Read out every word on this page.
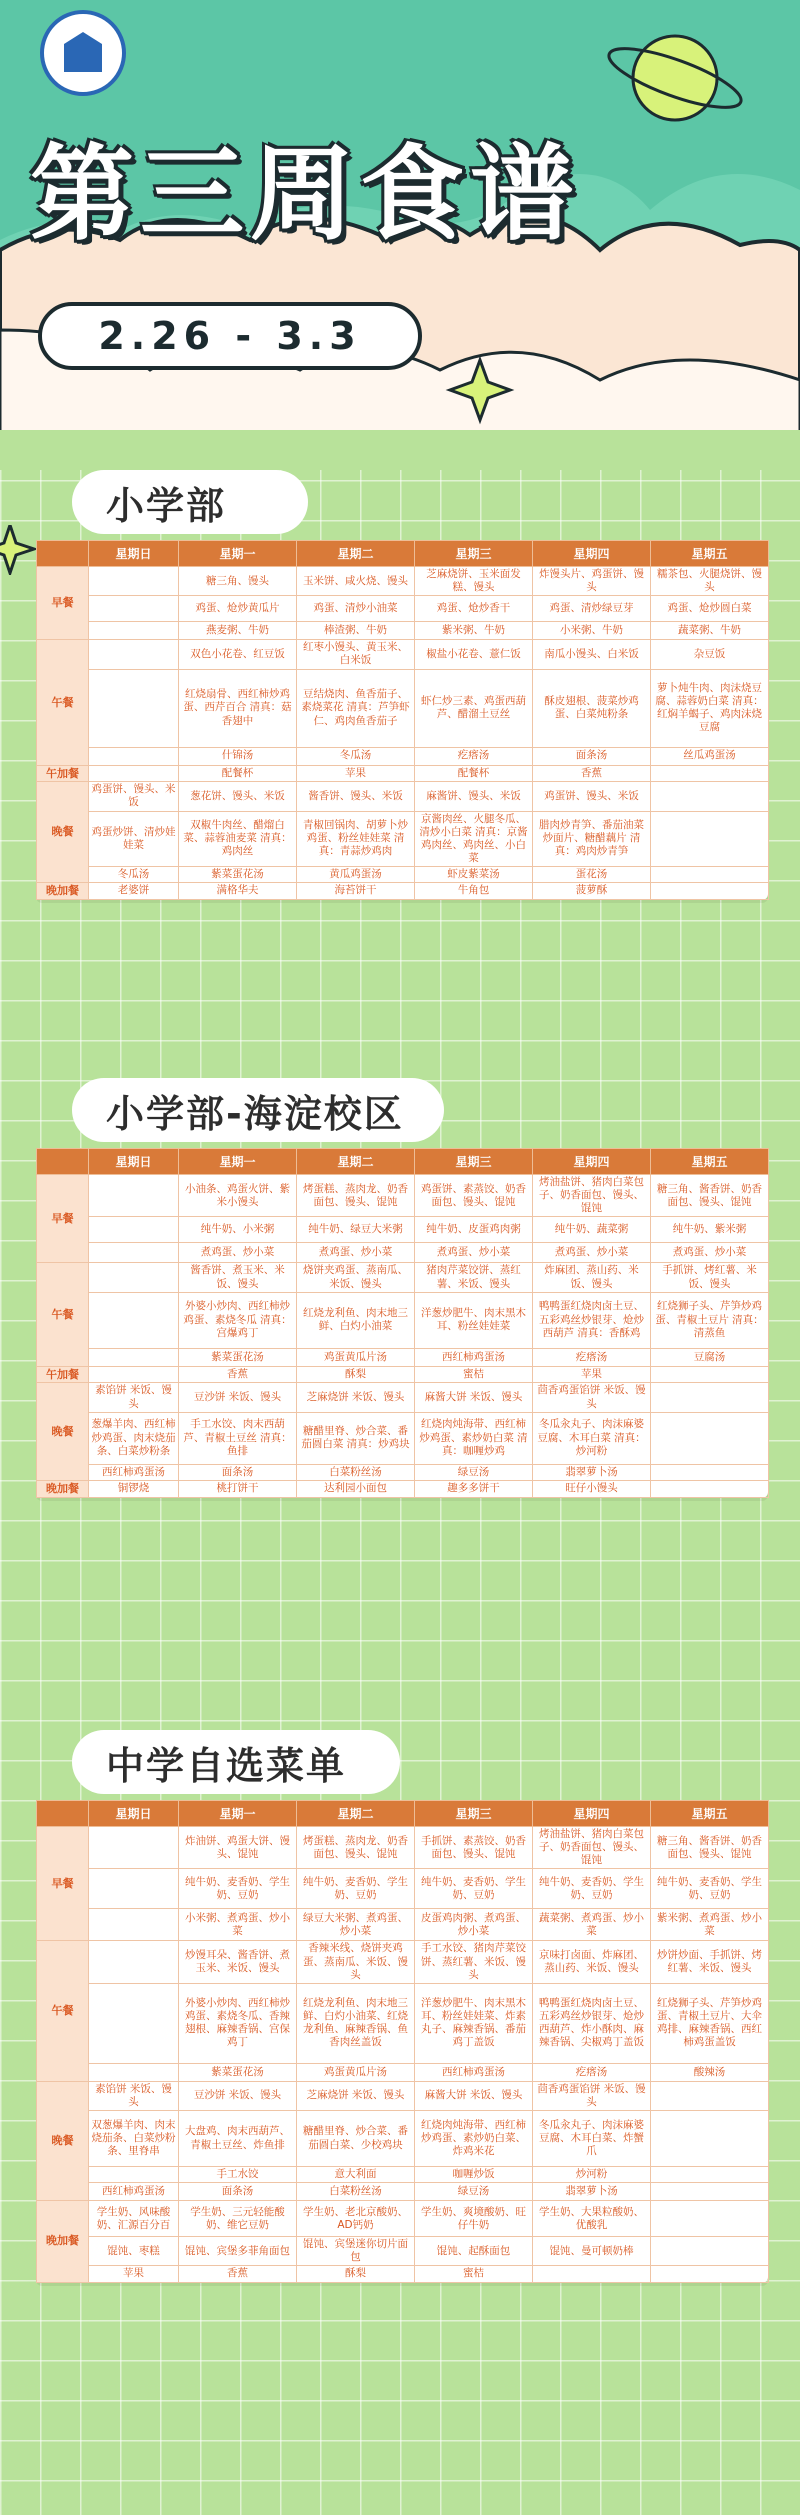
第三周食谱
2.26 - 3.3
小学部
	星期日	星期一	星期二	星期三	星期四	星期五
早餐		糖三角、馒头	玉米饼、咸火烧、馒头	芝麻烧饼、玉米面发糕、馒头	炸馒头片、鸡蛋饼、馒头	糯茶包、火腿烧饼、馒头
		鸡蛋、炝炒黄瓜片	鸡蛋、清炒小油菜	鸡蛋、炝炒香干	鸡蛋、清炒绿豆芽	鸡蛋、炝炒圆白菜
		燕麦粥、牛奶	棒渣粥、牛奶	紫米粥、牛奶	小米粥、牛奶	蔬菜粥、牛奶
午餐		双色小花卷、红豆饭	红枣小馒头、黄玉米、白米饭	椒盐小花卷、薏仁饭	南瓜小馒头、白米饭	杂豆饭
		红烧扇骨、西红柿炒鸡蛋、西芹百合 清真：菇香翅中	豆结烧肉、鱼香茄子、素烧菜花 清真：芦笋虾仁、鸡肉鱼香茄子	虾仁炒三素、鸡蛋西葫芦、醋溜土豆丝	酥皮翅根、菠菜炒鸡蛋、白菜炖粉条	萝卜炖牛肉、肉沫烧豆腐、蒜蓉奶白菜 清真：红焖羊蝎子、鸡肉沫烧豆腐
		什锦汤	冬瓜汤	疙瘩汤	面条汤	丝瓜鸡蛋汤
午加餐		配餐杯	苹果	配餐杯	香蕉	
晚餐	鸡蛋饼、馒头、米饭	葱花饼、馒头、米饭	酱香饼、馒头、米饭	麻酱饼、馒头、米饭	鸡蛋饼、馒头、米饭	
	鸡蛋炒饼、清炒娃娃菜	双椒牛肉丝、醋熘白菜、蒜蓉油麦菜 清真：鸡肉丝	青椒回锅肉、胡萝卜炒鸡蛋、粉丝娃娃菜 清真：青蒜炒鸡肉	京酱肉丝、火腿冬瓜、清炒小白菜 清真：京酱鸡肉丝、鸡肉丝、小白菜	腊肉炒青笋、番茄油菜炒面片、糖醋藕片 清真：鸡肉炒青笋	
	冬瓜汤	紫菜蛋花汤	黄瓜鸡蛋汤	虾皮紫菜汤	蛋花汤	
晚加餐	老婆饼	满格华夫	海苔饼干	牛角包	菠萝酥	
小学部-海淀校区
	星期日	星期一	星期二	星期三	星期四	星期五
早餐		小油条、鸡蛋火饼、紫米小馒头	烤蛋糕、蒸肉龙、奶香面包、馒头、馄饨	鸡蛋饼、素蒸饺、奶香面包、馒头、馄饨	烤油盐饼、猪肉白菜包子、奶香面包、馒头、馄饨	糖三角、酱香饼、奶香面包、馒头、馄饨
		纯牛奶、小米粥	纯牛奶、绿豆大米粥	纯牛奶、皮蛋鸡肉粥	纯牛奶、蔬菜粥	纯牛奶、紫米粥
		煮鸡蛋、炒小菜	煮鸡蛋、炒小菜	煮鸡蛋、炒小菜	煮鸡蛋、炒小菜	煮鸡蛋、炒小菜
午餐		酱香饼、煮玉米、米饭、馒头	烧饼夹鸡蛋、蒸南瓜、米饭、馒头	猪肉芹菜饺饼、蒸红薯、米饭、馒头	炸麻团、蒸山药、米饭、馒头	手抓饼、烤红薯、米饭、馒头
		外婆小炒肉、西红柿炒鸡蛋、素烧冬瓜 清真：宫爆鸡丁	红烧龙利鱼、肉末地三鲜、白灼小油菜	洋葱炒肥牛、肉末黑木耳、粉丝娃娃菜	鸭鸭蛋红烧肉卤土豆、五彩鸡丝炒银芽、炝炒西葫芦 清真：香酥鸡	红烧狮子头、芹笋炒鸡蛋、青椒土豆片 清真：清蒸鱼
		紫菜蛋花汤	鸡蛋黄瓜片汤	西红柿鸡蛋汤	疙瘩汤	豆腐汤
午加餐		香蕉	酥梨	蜜桔	苹果	
晚餐	素馅饼 米饭、馒头	豆沙饼 米饭、馒头	芝麻烧饼 米饭、馒头	麻酱大饼 米饭、馒头	茴香鸡蛋馅饼 米饭、馒头	
	葱爆羊肉、西红柿炒鸡蛋、肉末烧茄条、白菜炒粉条	手工水饺、肉末西葫芦、青椒土豆丝 清真：鱼排	糖醋里脊、炒合菜、番茄圆白菜 清真：炒鸡块	红烧肉炖海带、西红柿炒鸡蛋、素炒奶白菜 清真：咖喱炒鸡	冬瓜汆丸子、肉沫麻婆豆腐、木耳白菜 清真：炒河粉	
	西红柿鸡蛋汤	面条汤	白菜粉丝汤	绿豆汤	翡翠萝卜汤	
晚加餐	铜锣烧	桃打饼干	达利园小面包	趣多多饼干	旺仔小馒头	
中学自选菜单
	星期日	星期一	星期二	星期三	星期四	星期五
早餐		炸油饼、鸡蛋大饼、馒头、馄饨	烤蛋糕、蒸肉龙、奶香面包、馒头、馄饨	手抓饼、素蒸饺、奶香面包、馒头、馄饨	烤油盐饼、猪肉白菜包子、奶香面包、馒头、馄饨	糖三角、酱香饼、奶香面包、馒头、馄饨
		纯牛奶、麦香奶、学生奶、豆奶	纯牛奶、麦香奶、学生奶、豆奶	纯牛奶、麦香奶、学生奶、豆奶	纯牛奶、麦香奶、学生奶、豆奶	纯牛奶、麦香奶、学生奶、豆奶
		小米粥、煮鸡蛋、炒小菜	绿豆大米粥、煮鸡蛋、炒小菜	皮蛋鸡肉粥、煮鸡蛋、炒小菜	蔬菜粥、煮鸡蛋、炒小菜	紫米粥、煮鸡蛋、炒小菜
午餐		炒馒耳朵、酱香饼、煮玉米、米饭、馒头	香辣米线、烧饼夹鸡蛋、蒸南瓜、米饭、馒头	手工水饺、猪肉芹菜饺饼、蒸红薯、米饭、馒头	京味打卤面、炸麻团、蒸山药、米饭、馒头	炒饼炒面、手抓饼、烤红薯、米饭、馒头
		外婆小炒肉、西红柿炒鸡蛋、素烧冬瓜、香辣翅根、麻辣香锅、宫保鸡丁	红烧龙利鱼、肉末地三鲜、白灼小油菜、红烧龙利鱼、麻辣香锅、鱼香肉丝盖饭	洋葱炒肥牛、肉末黑木耳、粉丝娃娃菜、炸素丸子、麻辣香锅、番茄鸡丁盖饭	鸭鸭蛋红烧肉卤土豆、五彩鸡丝炒银芽、炝炒西葫芦、炸小酥肉、麻辣香锅、尖椒鸡丁盖饭	红烧狮子头、芹笋炒鸡蛋、青椒土豆片、大伞鸡排、麻辣香锅、西红柿鸡蛋盖饭
		紫菜蛋花汤	鸡蛋黄瓜片汤	西红柿鸡蛋汤	疙瘩汤	酸辣汤
晚餐	素馅饼 米饭、馒头	豆沙饼 米饭、馒头	芝麻烧饼 米饭、馒头	麻酱大饼 米饭、馒头	茴香鸡蛋馅饼 米饭、馒头	
	双葱爆羊肉、肉末烧茄条、白菜炒粉条、里脊串	大盘鸡、肉末西葫芦、青椒土豆丝、炸鱼排	糖醋里脊、炒合菜、番茄圆白菜、少校鸡块	红烧肉炖海带、西红柿炒鸡蛋、素炒奶白菜、炸鸡米花	冬瓜汆丸子、肉沫麻婆豆腐、木耳白菜、炸蟹爪	
		手工水饺	意大利面	咖喱炒饭	炒河粉	
	西红柿鸡蛋汤	面条汤	白菜粉丝汤	绿豆汤	翡翠萝卜汤	
晚加餐	学生奶、风味酸奶、汇源百分百	学生奶、三元轻能酸奶、维它豆奶	学生奶、老北京酸奶、AD钙奶	学生奶、爽境酸奶、旺仔牛奶	学生奶、大果粒酸奶、优酸乳	
	馄饨、枣糕	馄饨、宾堡多菲角面包	馄饨、宾堡迷你切片面包	馄饨、起酥面包	馄饨、曼可顿奶棒	
	苹果	香蕉	酥梨	蜜桔		
